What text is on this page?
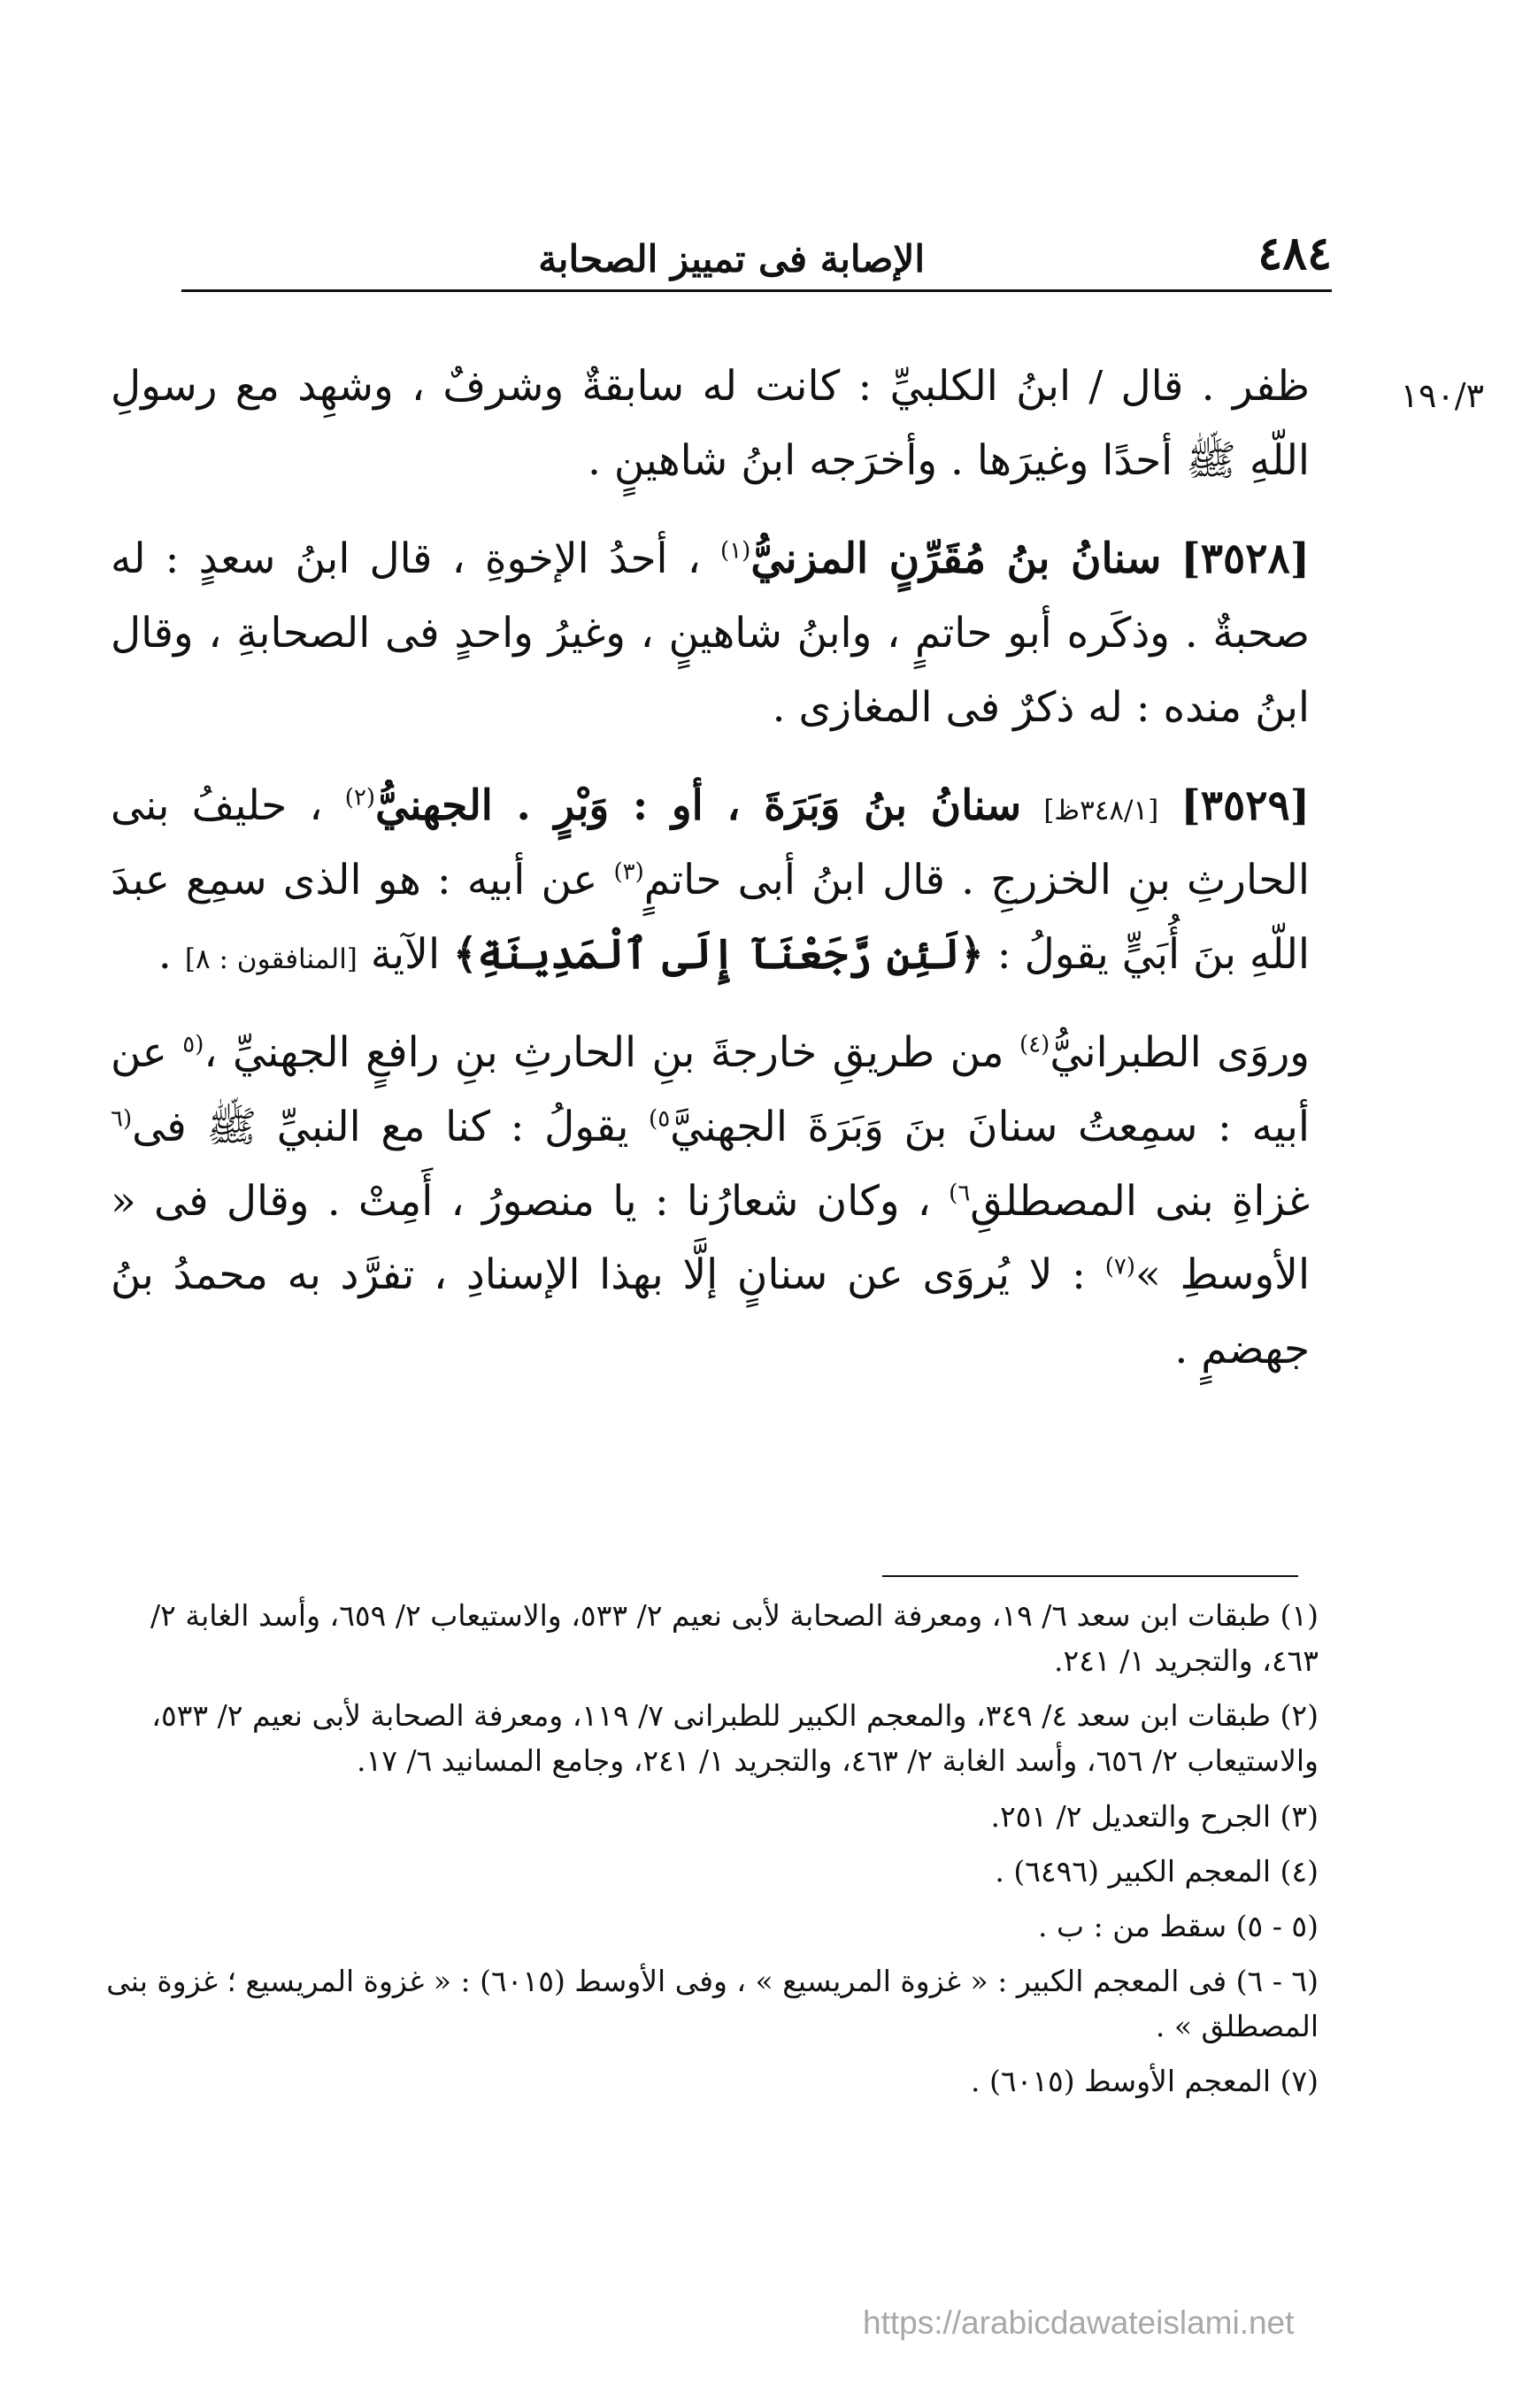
٤٨٤
الإصابة فى تمييز الصحابة
١٩٠/٣

ظفر . قال / ابنُ الكلبيِّ : كانت له سابقةٌ وشرفٌ ، وشهِد مع رسولِ اللّهِ ﷺ أحدًا وغيرَها . وأخرَجه ابنُ شاهينٍ .

[٣٥٢٨] سنانُ بنُ مُقَرِّنٍ المزنيُّ$^{(١)}$ ، أحدُ الإخوةِ ، قال ابنُ سعدٍ : له صحبةٌ . وذكَره أبو حاتمٍ ، وابنُ شاهينٍ ، وغيرُ واحدٍ فى الصحابةِ ، وقال ابنُ منده : له ذكرٌ فى المغازى .

[٣٥٢٩] [٣٤٨/١ظ] سنانُ بنُ وَبَرَةَ ، أو : وَبْرٍ . الجهنيُّ$^{(٢)}$ ، حليفُ بنى الحارثِ بنِ الخزرجِ . قال ابنُ أبى حاتمٍ$^{(٣)}$ عن أبيه : هو الذى سمِع عبدَ اللّهِ بنَ أُبَيٍّ يقولُ : ﴿لَئِن رَّجَعْنَآ إِلَى ٱلْمَدِينَةِ﴾ الآية [المنافقون : ٨] .

وروَى الطبرانيُّ$^{(٤)}$ من طريقِ خارجةَ بنِ الحارثِ بنِ رافعٍ الجهنيِّ ،$^{(٥}$ عن أبيه : سمِعتُ سنانَ بنَ وَبَرَةَ الجهنيَّ$^{٥)}$ يقولُ : كنا مع النبيِّ ﷺ فى$^{(٦}$ غزاةِ بنى المصطلقِ$^{٦)}$ ، وكان شعارُنا : يا منصورُ ، أَمِتْ . وقال فى « الأوسطِ »$^{(٧)}$ : لا يُروَى عن سنانٍ إلَّا بهذا الإسنادِ ، تفرَّد به محمدُ بنُ جهضمٍ .

(١) طبقات ابن سعد ٦/ ١٩، ومعرفة الصحابة لأبى نعيم ٢/ ٥٣٣، والاستيعاب ٢/ ٦٥٩، وأسد الغابة ٢/ ٤٦٣، والتجريد ١/ ٢٤١.
(٢) طبقات ابن سعد ٤/ ٣٤٩، والمعجم الكبير للطبرانى ٧/ ١١٩، ومعرفة الصحابة لأبى نعيم ٢/ ٥٣٣، والاستيعاب ٢/ ٦٥٦، وأسد الغابة ٢/ ٤٦٣، والتجريد ١/ ٢٤١، وجامع المسانيد ٦/ ١٧.
(٣) الجرح والتعديل ٢/ ٢٥١.
(٤) المعجم الكبير (٦٤٩٦) .
(٥ - ٥) سقط من : ب .
(٦ - ٦) فى المعجم الكبير : « غزوة المريسيع » ، وفى الأوسط (٦٠١٥) : « غزوة المريسيع ؛ غزوة بنى المصطلق » .
(٧) المعجم الأوسط (٦٠١٥) .
https://arabicdawateislami.net
